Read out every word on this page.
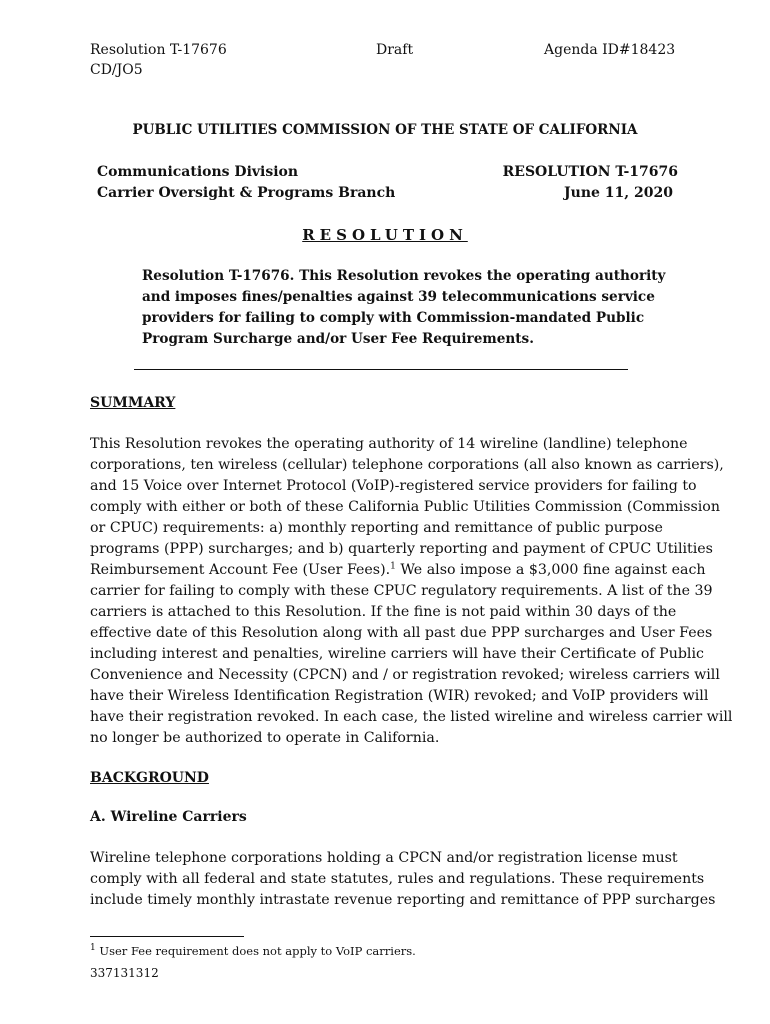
Resolution T-17676
CD/JO5
Draft	Agenda ID#18423
PUBLIC UTILITIES COMMISSION OF THE STATE OF CALIFORNIA
Communications Division
Carrier Oversight & Programs Branch
RESOLUTION T-17676
June 11, 2020
RESOLUTION
Resolution T-17676. This Resolution revokes the operating authority
and imposes fines/penalties against 39 telecommunications service
providers for failing to comply with Commission-mandated Public
Program Surcharge and/or User Fee Requirements.
SUMMARY
This Resolution revokes the operating authority of 14 wireline (landline) telephone
corporations, ten wireless (cellular) telephone corporations (all also known as carriers),
and 15 Voice over Internet Protocol (VoIP)-registered service providers for failing to
comply with either or both of these California Public Utilities Commission (Commission
or CPUC) requirements: a) monthly reporting and remittance of public purpose
programs (PPP) surcharges; and b) quarterly reporting and payment of CPUC Utilities
Reimbursement Account Fee (User Fees).$^1$ We also impose a $3,000 fine against each
carrier for failing to comply with these CPUC regulatory requirements. A list of the 39
carriers is attached to this Resolution. If the fine is not paid within 30 days of the
effective date of this Resolution along with all past due PPP surcharges and User Fees
including interest and penalties, wireline carriers will have their Certificate of Public
Convenience and Necessity (CPCN) and / or registration revoked; wireless carriers will
have their Wireless Identification Registration (WIR) revoked; and VoIP providers will
have their registration revoked. In each case, the listed wireline and wireless carrier will
no longer be authorized to operate in California.
BACKGROUND
A. Wireline Carriers
Wireline telephone corporations holding a CPCN and/or registration license must
comply with all federal and state statutes, rules and regulations. These requirements
include timely monthly intrastate revenue reporting and remittance of PPP surcharges
$^1$ User Fee requirement does not apply to VoIP carriers.
337131312
